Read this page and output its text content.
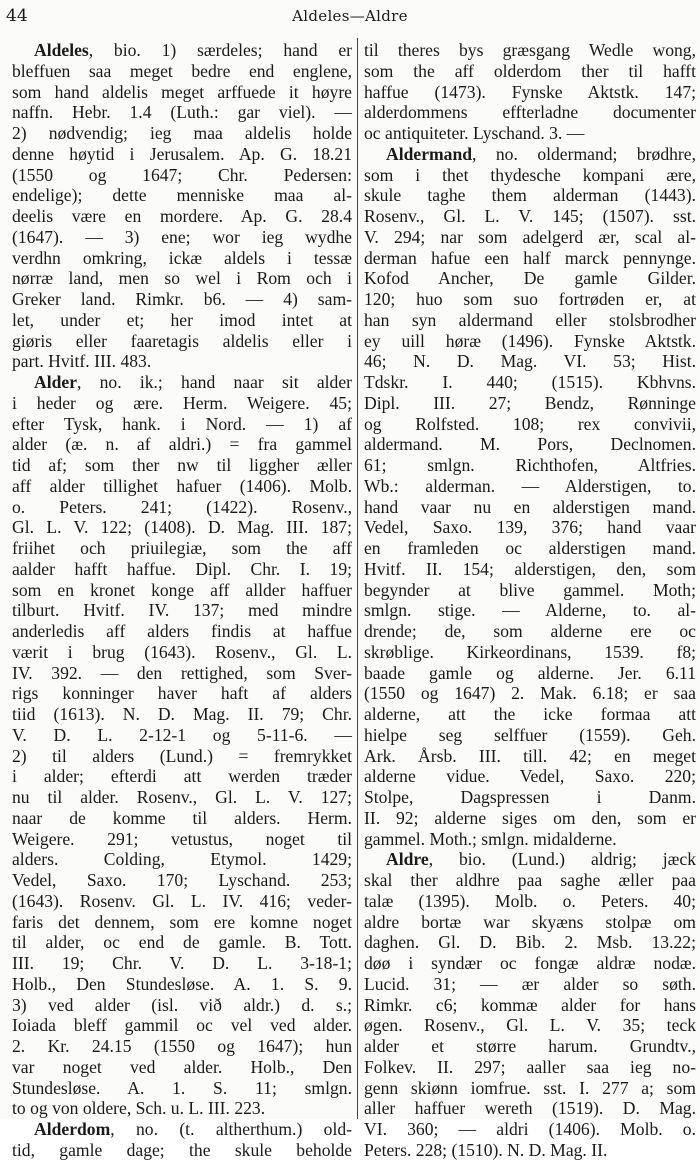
44	Aldeles—Aldre
Aldeles, bio. 1) særdeles; hand er
bleffuen saa meget bedre end englene,
som hand aldelis meget arffuede it høyre
naffn. Hebr. 1.4 (Luth.: gar viel). —
2) nødvendig; ieg maa aldelis holde
denne høytid i Jerusalem. Ap. G. 18.21
(1550 og 1647; Chr. Pedersen:
endelige); dette menniske maa al-
deelis være en mordere. Ap. G. 28.4
(1647). — 3) ene; wor ieg wydhe
verdhn omkring, ickæ aldels i tessæ
nørræ land, men so wel i Rom och i
Greker land. Rimkr. b6. — 4) sam-
let, under et; her imod intet at
giøris eller faaretagis aldelis eller i
part. Hvitf. III. 483.
Alder, no. ik.; hand naar sit alder
i heder og ære. Herm. Weigere. 45;
efter Tysk, hank. i Nord. — 1) af
alder (æ. n. af aldri.) = fra gammel
tid af; som ther nw til liggher æller
aff alder tillighet hafuer (1406). Molb.
o. Peters. 241; (1422). Rosenv.,
Gl. L. V. 122; (1408). D. Mag. III. 187;
friihet och priuilegiæ, som the aff
aalder hafft haffue. Dipl. Chr. I. 19;
som en kronet konge aff allder haffuer
tilburt. Hvitf. IV. 137; med mindre
anderledis aff alders findis at haffue
værit i brug (1643). Rosenv., Gl. L.
IV. 392. — den rettighed, som Sver-
rigs konninger haver haft af alders
tiid (1613). N. D. Mag. II. 79; Chr.
V. D. L. 2-12-1 og 5-11-6. —
2) til alders (Lund.) = fremrykket
i alder; efterdi att werden træder
nu til alder. Rosenv., Gl. L. V. 127;
naar de komme til alders. Herm.
Weigere. 291; vetustus, noget til
alders. Colding, Etymol. 1429;
Vedel, Saxo. 170; Lyschand. 253;
(1643). Rosenv. Gl. L. IV. 416; veder-
faris det dennem, som ere komne noget
til alder, oc end de gamle. B. Tott.
III. 19; Chr. V. D. L. 3-18-1;
Holb., Den Stundesløse. A. 1. S. 9.
3) ved alder (isl. við aldr.) d. s.;
Ioiada bleff gammil oc vel ved alder.
2. Kr. 24.15 (1550 og 1647); hun
var noget ved alder. Holb., Den
Stundesløse. A. 1. S. 11; smlgn.
to og von oldere, Sch. u. L. III. 223.
Alderdom, no. (t. altherthum.) old-
tid, gamle dage; the skule beholde
til theres bys græsgang Wedle wong,
som the aff olderdom ther til hafft
haffue (1473). Fynske Aktstk. 147;
alderdommens effterladne documenter
oc antiquiteter. Lyschand. 3. —
Aldermand, no. oldermand; brødhre,
som i thet thydesche kompani ære,
skule taghe them alderman (1443).
Rosenv., Gl. L. V. 145; (1507). sst.
V. 294; nar som adelgerd ær, scal al-
derman hafue een half marck pennynge.
Kofod Ancher, De gamle Gilder.
120; huo som suo fortrøden er, at
han syn aldermand eller stolsbrodher
ey uill høræ (1496). Fynske Aktstk.
46; N. D. Mag. VI. 53; Hist.
Tdskr. I. 440; (1515). Kbhvns.
Dipl. III. 27; Bendz, Rønninge
og Rolfsted. 108; rex convivii,
aldermand. M. Pors, Declnomen.
61; smlgn. Richthofen, Altfries.
Wb.: alderman. — Alderstigen, to.
hand vaar nu en alderstigen mand.
Vedel, Saxo. 139, 376; hand vaar
en framleden oc alderstigen mand.
Hvitf. II. 154; alderstigen, den, som
begynder at blive gammel. Moth;
smlgn. stige. — Alderne, to. al-
drende; de, som alderne ere oc
skrøblige. Kirkeordinans, 1539. f8;
baade gamle og alderne. Jer. 6.11
(1550 og 1647) 2. Mak. 6.18; er saa
alderne, att the icke formaa att
hielpe seg selffuer (1559). Geh.
Ark. Årsb. III. till. 42; en meget
alderne vidue. Vedel, Saxo. 220;
Stolpe, Dagspressen i Danm.
II. 92; alderne siges om den, som er
gammel. Moth.; smlgn. midalderne.
Aldre, bio. (Lund.) aldrig; jæck
skal ther aldhre paa saghe æller paa
talæ (1395). Molb. o. Peters. 40;
aldre bortæ war skyæns stolpæ om
daghen. Gl. D. Bib. 2. Msb. 13.22;
døø i syndær oc fongæ aldræ nodæ.
Lucid. 31; — ær alder so søth.
Rimkr. c6; kommæ alder for hans
øgen. Rosenv., Gl. L. V. 35; teck
alder et større harum. Grundtv.,
Folkev. II. 297; aaller saa ieg no-
genn skiønn iomfrue. sst. I. 277 a; som
aller haffuer wereth (1519). D. Mag.
VI. 360; — aldri (1406). Molb. o.
Peters. 228; (1510). N. D. Mag. II.
